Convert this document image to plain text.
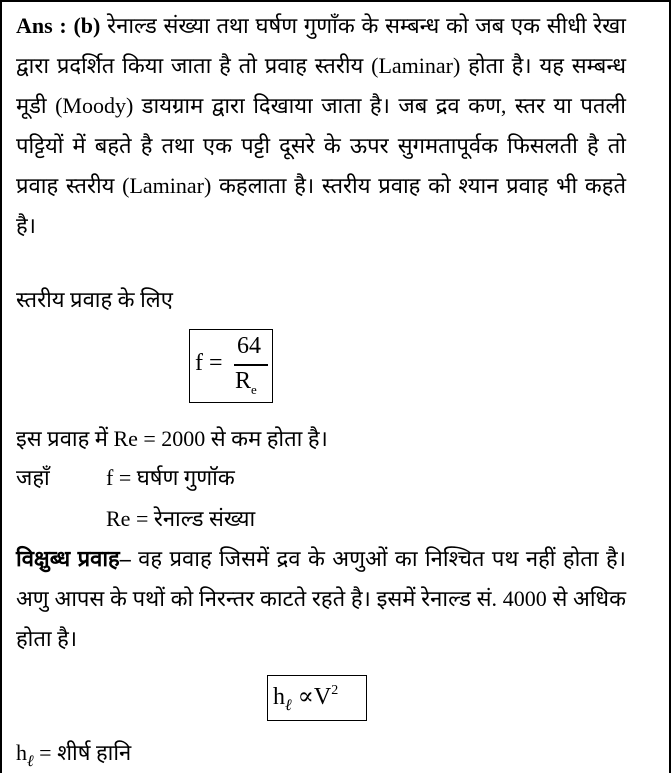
Ans : (b) रेनाल्ड संख्या तथा घर्षण गुणाँक के सम्बन्ध को जब एक सीधी रेखा द्वारा प्रदर्शित किया जाता है तो प्रवाह स्तरीय (Laminar) होता है। यह सम्बन्ध मूडी (Moody) डायग्राम द्वारा दिखाया जाता है। जब द्रव कण, स्तर या पतली पट्टियों में बहते है तथा एक पट्टी दूसरे के ऊपर सुगमतापूर्वक फिसलती है तो प्रवाह स्तरीय (Laminar) कहलाता है। स्तरीय प्रवाह को श्यान प्रवाह भी कहते है।
स्तरीय प्रवाह के लिए
f =
64
$R_e$
इस प्रवाह में Re = 2000 से कम होता है।
जहाँ	f = घर्षण गुणॉक
Re = रेनाल्ड संख्या
विक्षुब्ध प्रवाह– वह प्रवाह जिसमें द्रव के अणुओं का निश्चित पथ नहीं होता है। अणु आपस के पथों को निरन्तर काटते रहते है। इसमें रेनाल्ड सं. 4000 से अधिक होता है।
$h_\ell \propto V^2$
$h_\ell$ = शीर्ष हानि
